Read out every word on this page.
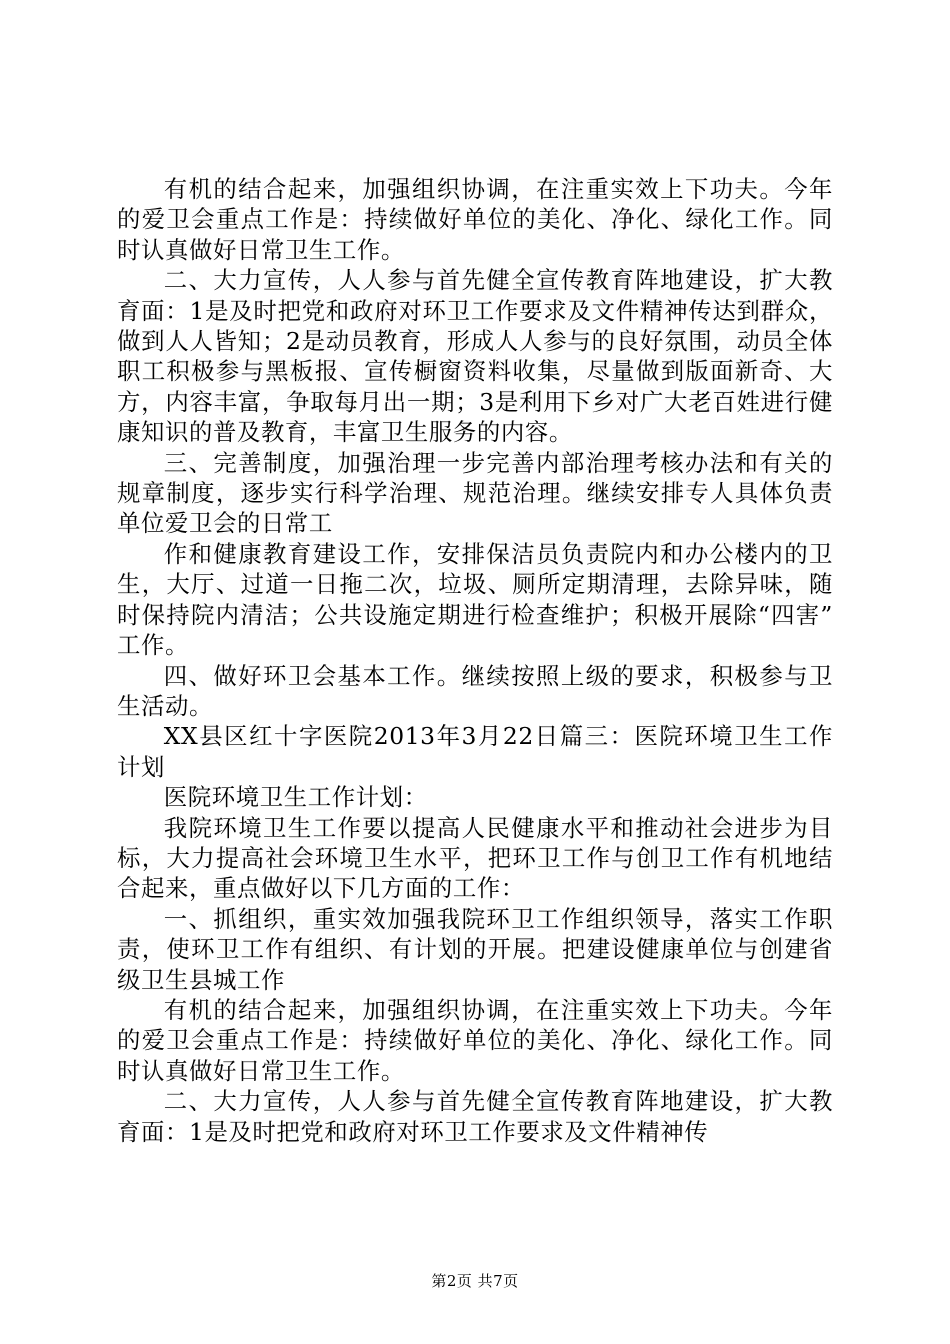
有机的结合起来，加强组织协调，在注重实效上下功夫。今年的爱卫会重点工作是：持续做好单位的美化、净化、绿化工作。同时认真做好日常卫生工作。

二、大力宣传，人人参与首先健全宣传教育阵地建设，扩大教育面：1是及时把党和政府对环卫工作要求及文件精神传达到群众，做到人人皆知；2是动员教育，形成人人参与的良好氛围，动员全体职工积极参与黑板报、宣传橱窗资料收集，尽量做到版面新奇、大方，内容丰富，争取每月出一期；3是利用下乡对广大老百姓进行健康知识的普及教育，丰富卫生服务的内容。

三、完善制度，加强治理一步完善内部治理考核办法和有关的规章制度，逐步实行科学治理、规范治理。继续安排专人具体负责单位爱卫会的日常工

作和健康教育建设工作，安排保洁员负责院内和办公楼内的卫生，大厅、过道一日拖二次，垃圾、厕所定期清理，去除异味，随时保持院内清洁；公共设施定期进行检查维护；积极开展除“四害”工作。

四、做好环卫会基本工作。继续按照上级的要求，积极参与卫生活动。

XX县区红十字医院2013年3月22日篇三：医院环境卫生工作计划

医院环境卫生工作计划：

我院环境卫生工作要以提高人民健康水平和推动社会进步为目标，大力提高社会环境卫生水平，把环卫工作与创卫工作有机地结合起来，重点做好以下几方面的工作：

一、抓组织，重实效加强我院环卫工作组织领导，落实工作职责，使环卫工作有组织、有计划的开展。把建设健康单位与创建省级卫生县城工作

有机的结合起来，加强组织协调，在注重实效上下功夫。今年的爱卫会重点工作是：持续做好单位的美化、净化、绿化工作。同时认真做好日常卫生工作。

二、大力宣传，人人参与首先健全宣传教育阵地建设，扩大教育面：1是及时把党和政府对环卫工作要求及文件精神传

第2页 共7页
